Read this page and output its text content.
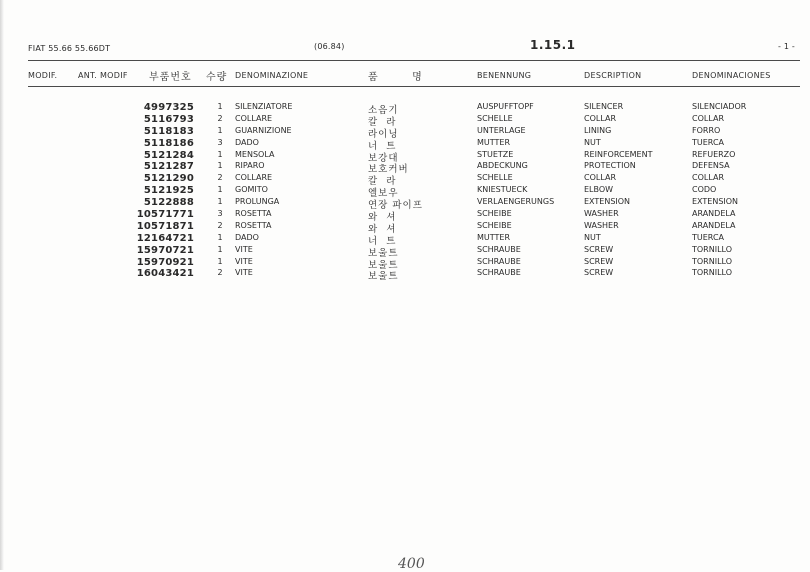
FIAT 55.66 55.66DT	(06.84)	1.15.1	- 1 -
MODIF.	ANT. MODIF 부품번호 수량 DENOMINAZIONE	품        명	BENENNUNG	DESCRIPTION	DENOMINACIONES
4997325	1 SILENZIATORE	소음기	AUSPUFFTOPF	SILENCER	SILENCIADOR
5116793	2 COLLARE	칼  라	SCHELLE	COLLAR	COLLAR
5118183	1 GUARNIZIONE	라이닝	UNTERLAGE	LINING	FORRO
5118186	3 DADO	너  트	MUTTER	NUT	TUERCA
5121284	1 MENSOLA	보강대	STUETZE	REINFORCEMENT	REFUERZO
5121287	1 RIPARO	보호커버	ABDECKUNG	PROTECTION	DEFENSA
5121290	2 COLLARE	칼  라	SCHELLE	COLLAR	COLLAR
5121925	1 GOMITO	엘보우	KNIESTUECK	ELBOW	CODO
5122888	1 PROLUNGA	연장 파이프	VERLAENGERUNGS	EXTENSION	EXTENSION
10571771	3 ROSETTA	와  셔	SCHEIBE	WASHER	ARANDELA
10571871	2 ROSETTA	와  셔	SCHEIBE	WASHER	ARANDELA
12164721	1 DADO	너  트	MUTTER	NUT	TUERCA
15970721	1 VITE	보울트	SCHRAUBE	SCREW	TORNILLO
15970921	1 VITE	보울트	SCHRAUBE	SCREW	TORNILLO
16043421	2 VITE	보울트	SCHRAUBE	SCREW	TORNILLO
400
